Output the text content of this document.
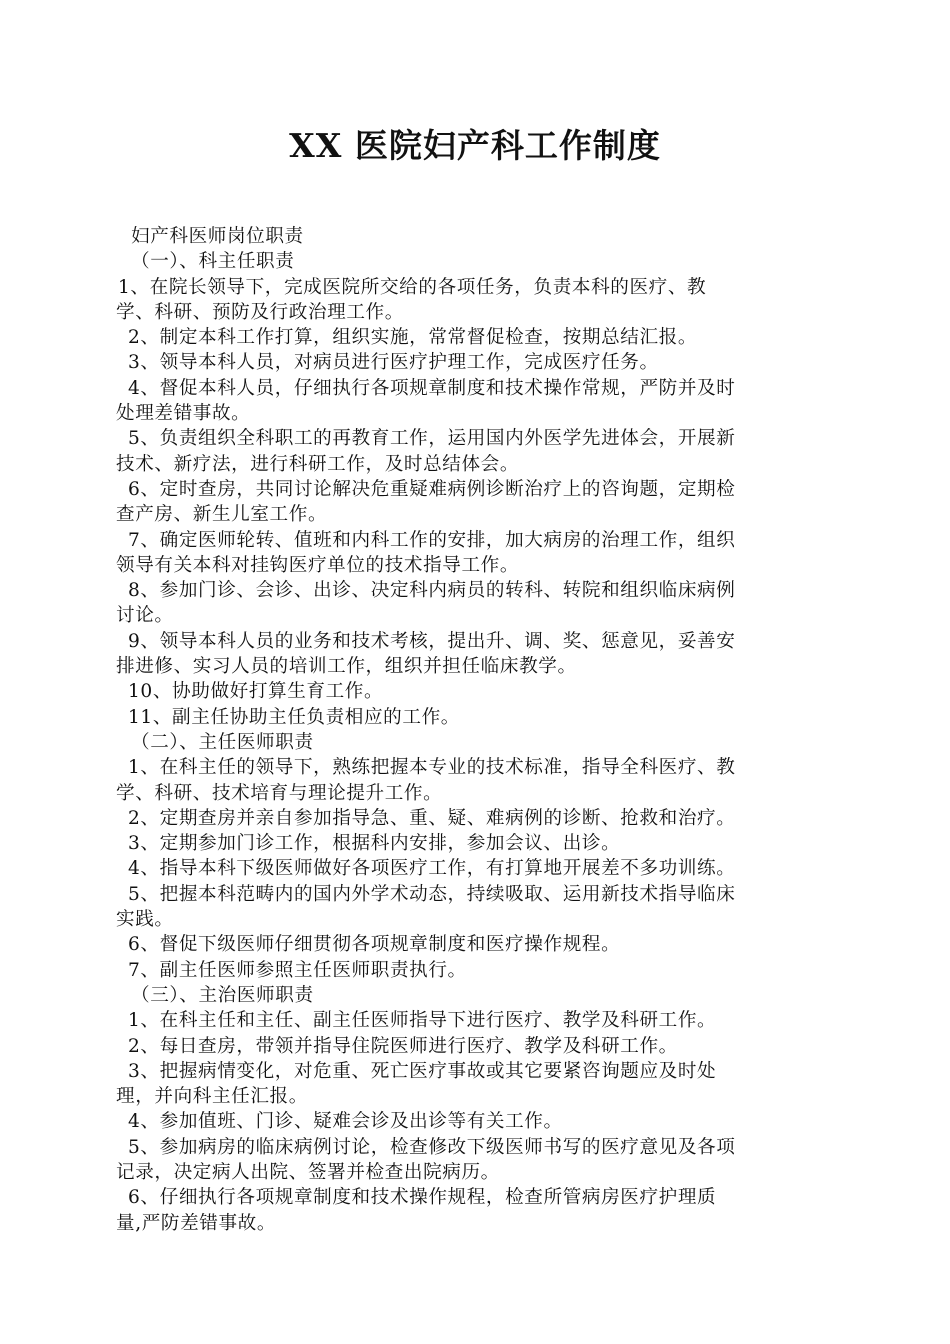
XX 医院妇产科工作制度
妇产科医师岗位职责
（一）、科主任职责
1、在院长领导下，完成医院所交给的各项任务，负责本科的医疗、教
学、科研、预防及行政治理工作。
2、制定本科工作打算，组织实施，常常督促检查，按期总结汇报。
3、领导本科人员，对病员进行医疗护理工作，完成医疗任务。
4、督促本科人员，仔细执行各项规章制度和技术操作常规，严防并及时
处理差错事故。
5、负责组织全科职工的再教育工作，运用国内外医学先进体会，开展新
技术、新疗法，进行科研工作，及时总结体会。
6、定时查房，共同讨论解决危重疑难病例诊断治疗上的咨询题，定期检
查产房、新生儿室工作。
7、确定医师轮转、值班和内科工作的安排，加大病房的治理工作，组织
领导有关本科对挂钩医疗单位的技术指导工作。
8、参加门诊、会诊、出诊、决定科内病员的转科、转院和组织临床病例
讨论。
9、领导本科人员的业务和技术考核，提出升、调、奖、惩意见，妥善安
排进修、实习人员的培训工作，组织并担任临床教学。
10、协助做好打算生育工作。
11、副主任协助主任负责相应的工作。
（二）、主任医师职责
1、在科主任的领导下，熟练把握本专业的技术标准，指导全科医疗、教
学、科研、技术培育与理论提升工作。
2、定期查房并亲自参加指导急、重、疑、难病例的诊断、抢救和治疗。
3、定期参加门诊工作，根据科内安排，参加会议、出诊。
4、指导本科下级医师做好各项医疗工作，有打算地开展差不多功训练。
5、把握本科范畴内的国内外学术动态，持续吸取、运用新技术指导临床
实践。
6、督促下级医师仔细贯彻各项规章制度和医疗操作规程。
7、副主任医师参照主任医师职责执行。
（三）、主治医师职责
1、在科主任和主任、副主任医师指导下进行医疗、教学及科研工作。
2、每日查房，带领并指导住院医师进行医疗、教学及科研工作。
3、把握病情变化，对危重、死亡医疗事故或其它要紧咨询题应及时处
理，并向科主任汇报。
4、参加值班、门诊、疑难会诊及出诊等有关工作。
5、参加病房的临床病例讨论，检查修改下级医师书写的医疗意见及各项
记录，决定病人出院、签署并检查出院病历。
6、仔细执行各项规章制度和技术操作规程，检查所管病房医疗护理质
量,严防差错事故。
